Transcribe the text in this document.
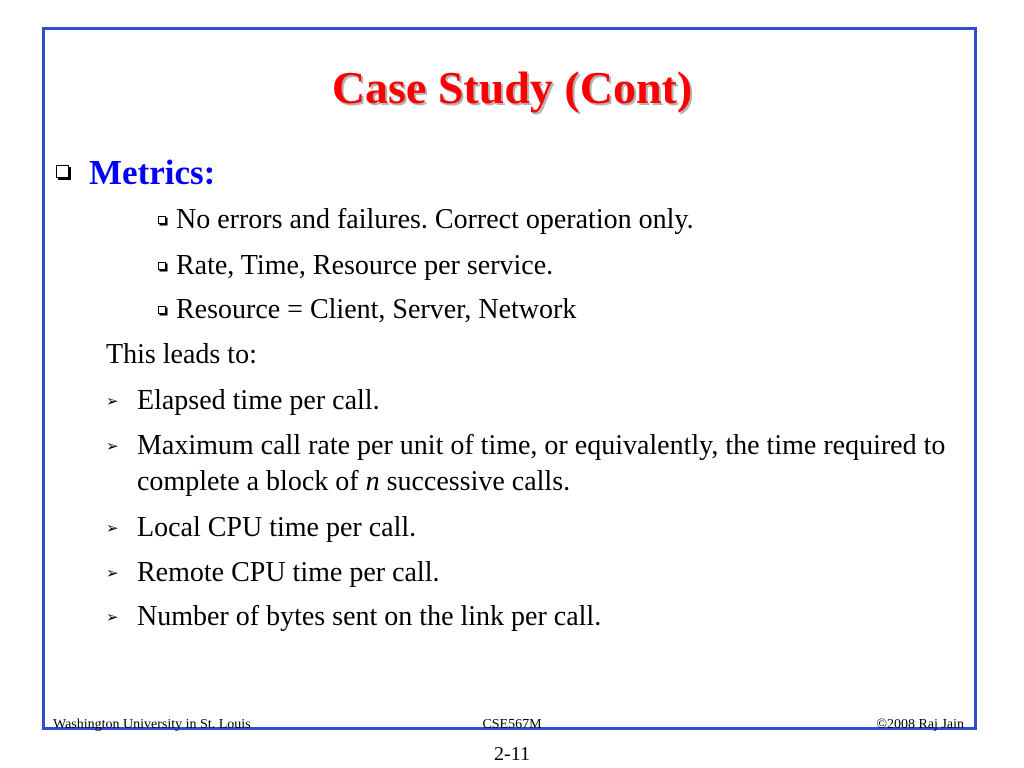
Case Study (Cont)
Metrics:
No errors and failures. Correct operation only.
Rate, Time, Resource per service.
Resource = Client, Server, Network
This leads to:
➢ Elapsed time per call.
➢ Maximum call rate per unit of time, or equivalently, the time required to complete a block of n successive calls.
➢ Local CPU time per call.
➢ Remote CPU time per call.
➢ Number of bytes sent on the link per call.
Washington University in St. Louis	CSE567M	©2008 Raj Jain
2-11
